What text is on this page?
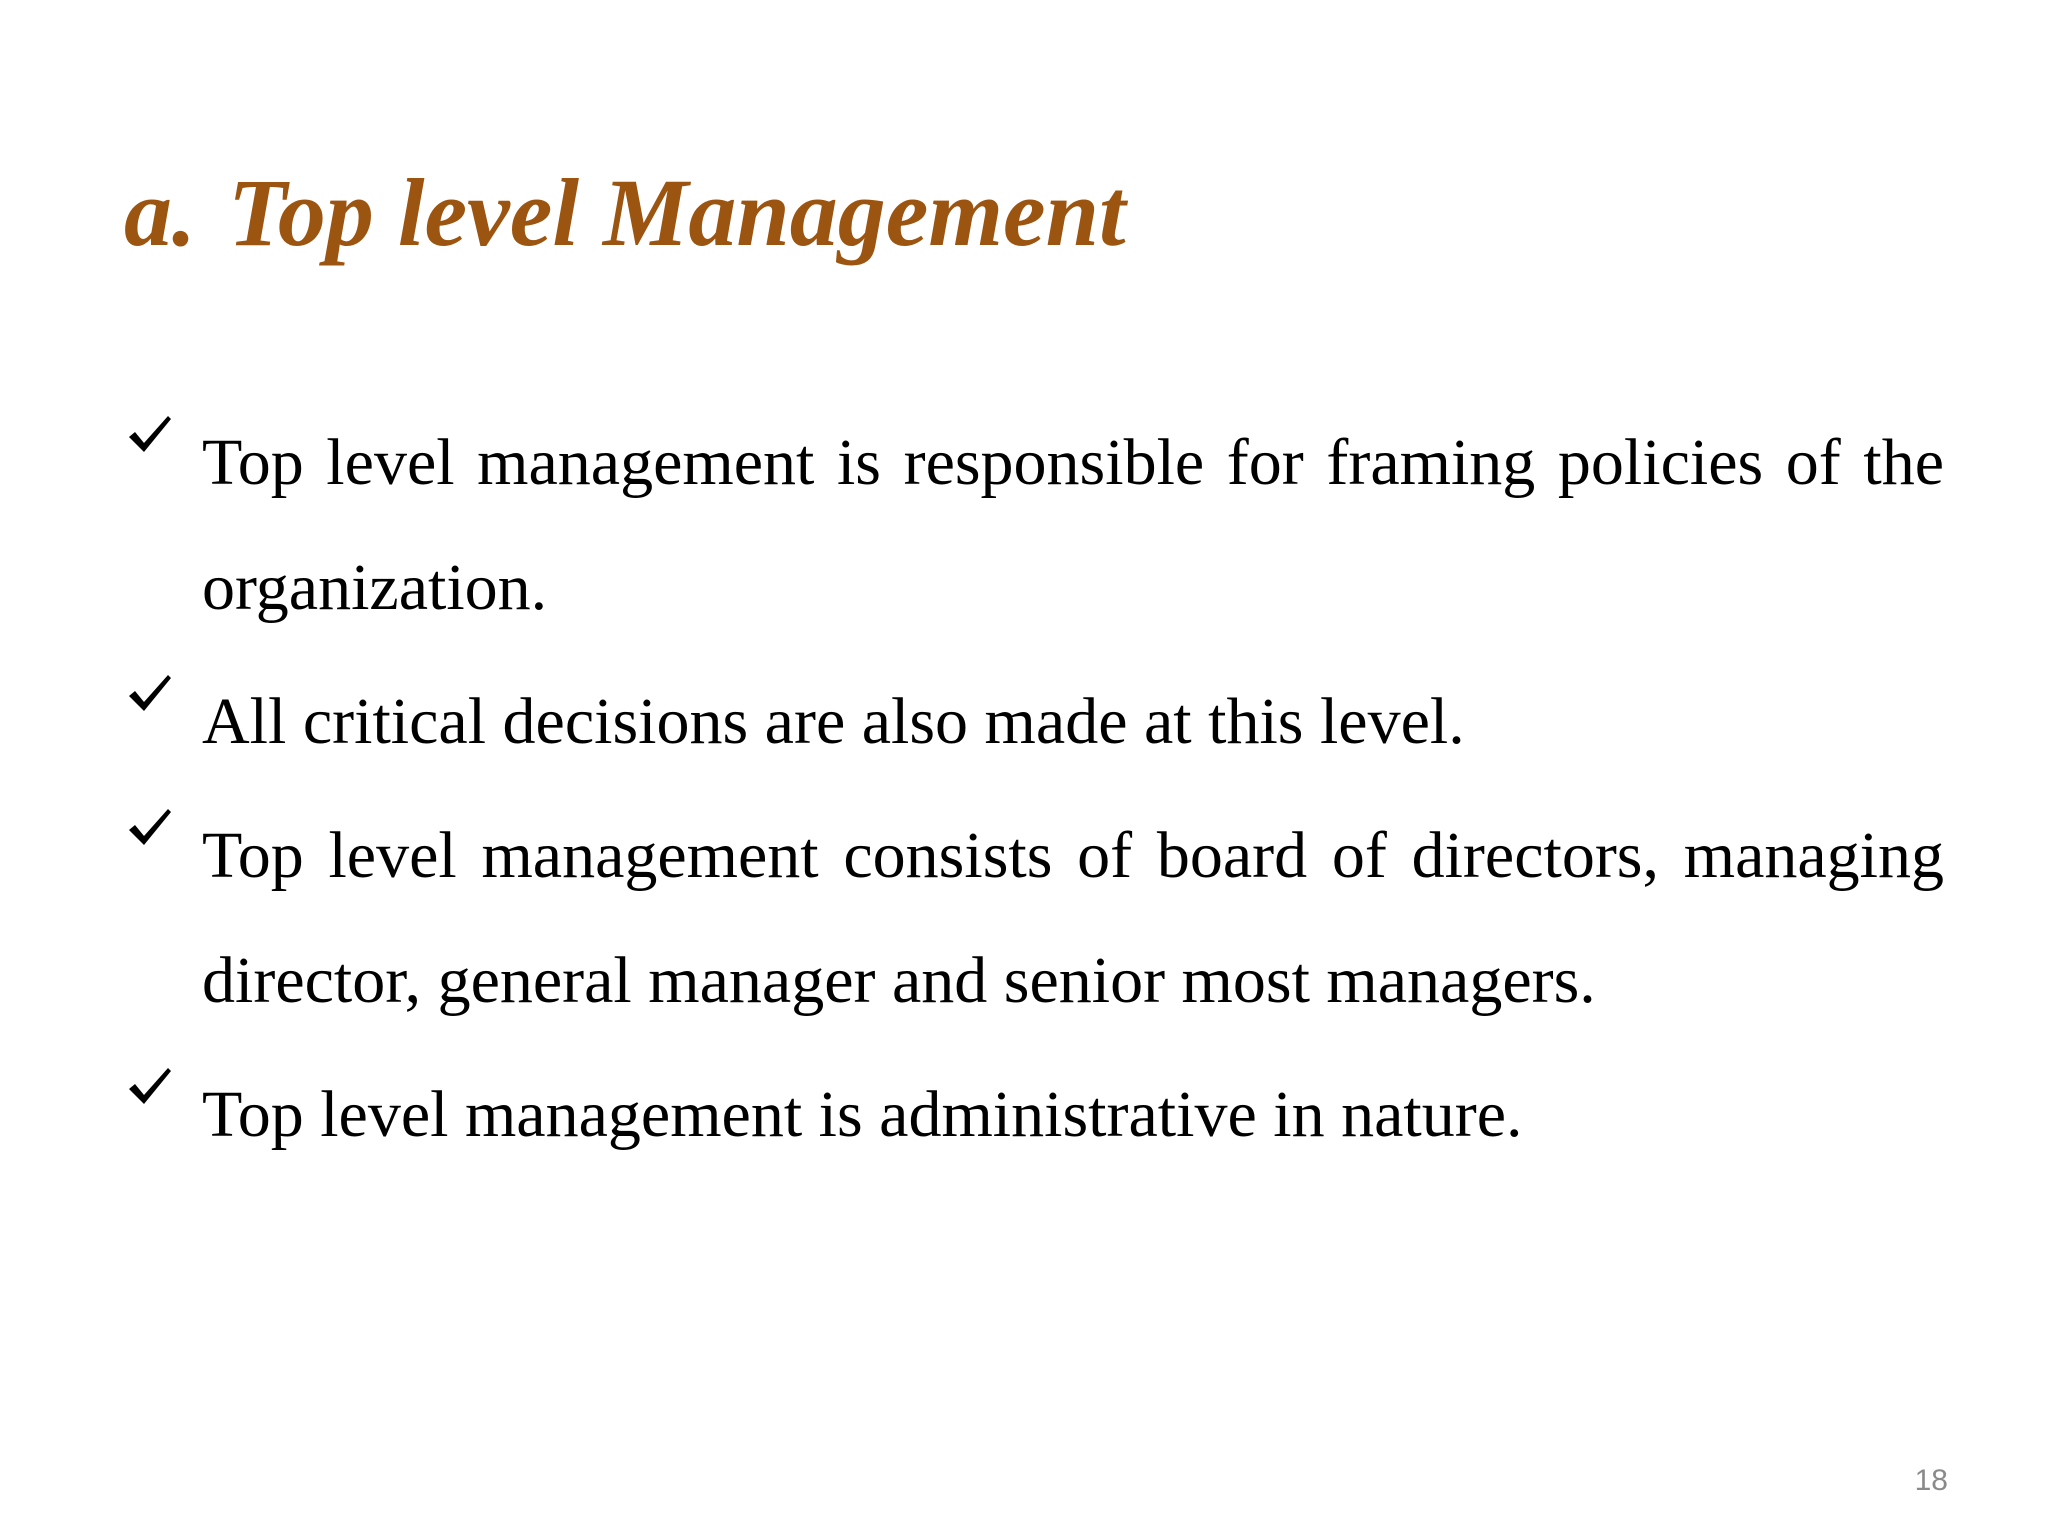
a. Top level Management
Top level management is responsible for framing policies of the organization.
All critical decisions are also made at this level.
Top level management consists of board of directors, managing director, general manager and senior most managers.
Top level management is administrative in nature.
18
